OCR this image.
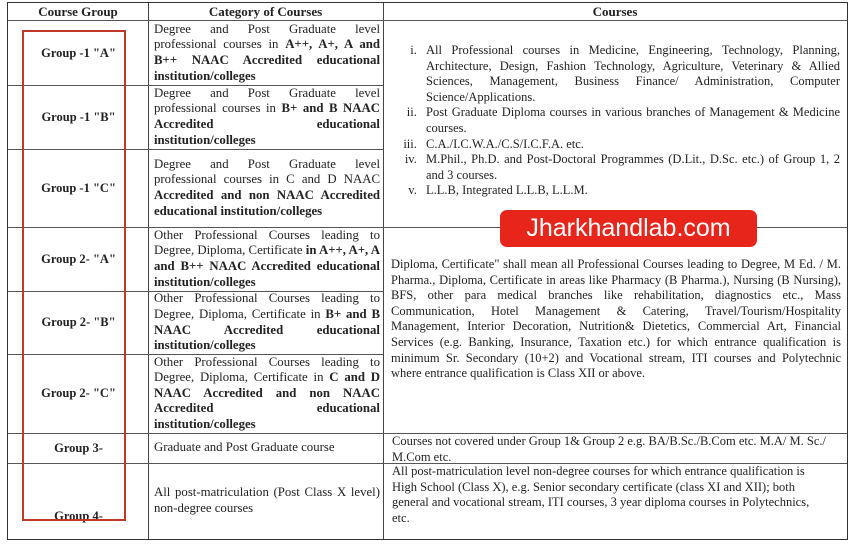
Course Group	Category of Courses	Courses
Group -1 "A"
Group -1 "B"
Group -1 "C"
Group 2- "A"
Group 2- "B"
Group 2- "C"
Group 3-
Group 4-
Degree and Post Graduate level professional courses in A++, A+, A and B++ NAAC Accredited educational institution/colleges
Degree and Post Graduate level professional courses in B+ and B NAAC Accredited educational institution/colleges
Degree and Post Graduate level professional courses in C and D NAAC Accredited and non NAAC Accredited educational institution/colleges
Other Professional Courses leading to Degree, Diploma, Certificate in A++, A+, A and B++ NAAC Accredited educational institution/colleges
Other Professional Courses leading to Degree, Diploma, Certificate in B+ and B NAAC Accredited educational institution/colleges
Other Professional Courses leading to Degree, Diploma, Certificate in C and D NAAC Accredited and non NAAC Accredited educational institution/colleges
Graduate and Post Graduate course
All post-matriculation (Post Class X level) non-degree courses
i. All Professional courses in Medicine, Engineering, Technology, Planning, Architecture, Design, Fashion Technology, Agriculture, Veterinary & Allied Sciences, Management, Business Finance/ Administration, Computer Science/Applications.
ii. Post Graduate Diploma courses in various branches of Management & Medicine courses.
iii. C.A./I.C.W.A./C.S/I.C.F.A. etc.
iv. M.Phil., Ph.D. and Post-Doctoral Programmes (D.Lit., D.Sc. etc.) of Group 1, 2 and 3 courses.
v. L.L.B, Integrated L.L.B, L.L.M.
Diploma, Certificate" shall mean all Professional Courses leading to Degree, M Ed. / M. Pharma., Diploma, Certificate in areas like Pharmacy (B Pharma.), Nursing (B Nursing), BFS, other para medical branches like rehabilitation, diagnostics etc., Mass Communication, Hotel Management & Catering, Travel/Tourism/Hospitality Management, Interior Decoration, Nutrition& Dietetics, Commercial Art, Financial Services (e.g. Banking, Insurance, Taxation etc.) for which entrance qualification is minimum Sr. Secondary (10+2) and Vocational stream, ITI courses and Polytechnic where entrance qualification is Class XII or above.
Courses not covered under Group 1& Group 2 e.g. BA/B.Sc./B.Com etc. M.A/ M. Sc./ M.Com etc.
All post-matriculation level non-degree courses for which entrance qualification is High School (Class X), e.g. Senior secondary certificate (class XI and XII); both general and vocational stream, ITI courses, 3 year diploma courses in Polytechnics, etc.
Jharkhandlab.com
